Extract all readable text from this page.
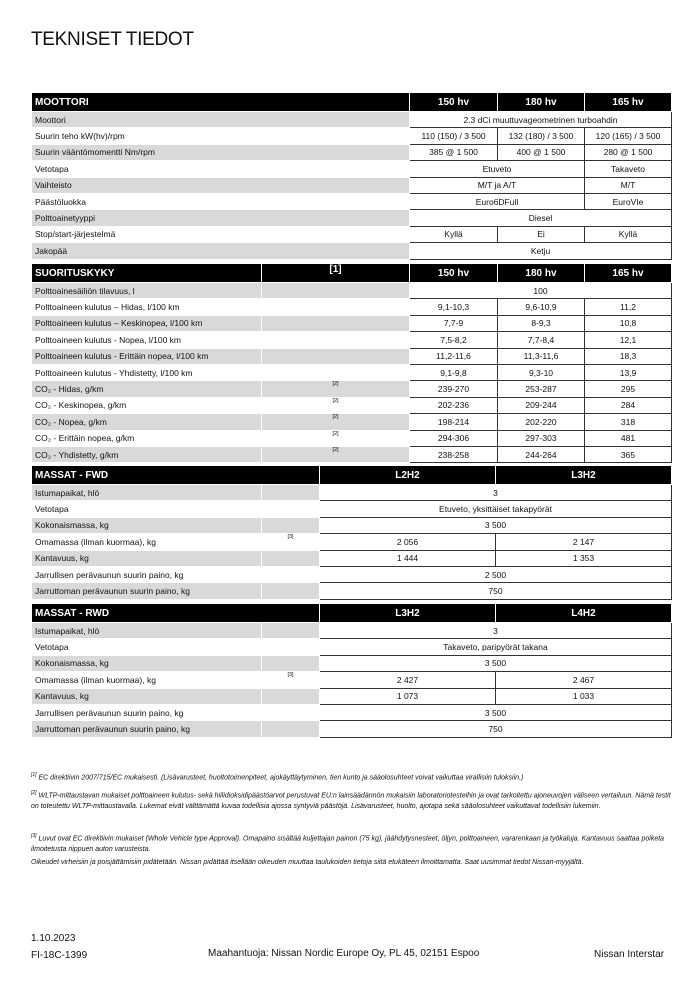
TEKNISET TIEDOT
MOOTTORI	150 hv	180 hv	165 hv
Moottori	2.3 dCi muuttuvageometrinen turboahdin		
Suurin teho kW(hv)/rpm	110 (150) / 3 500	132 (180) / 3 500	120 (165) / 3 500
Suurin vääntömomentti Nm/rpm	385 @ 1 500	400 @ 1 500	280 @ 1 500
Vetotapa	Etuveto		Takaveto
Vaihteisto	M/T ja A/T		M/T
Päästöluokka	Euro6DFull		EuroVIe
Polttoainetyyppi	Diesel		
Stop/start-järjestelmä	Kyllä	Ei	Kyllä
Jakopää	Ketju		
SUORITUSKYKY	[1]	150 hv	180 hv	165 hv
Polttoainesäiliön tilavuus, l		100		
Polttoaineen kulutus – Hidas, l/100 km		9,1-10,3	9,6-10,9	11,2
Polttoaineen kulutus – Keskinopea, l/100 km		7,7-9	8-9,3	10,8
Polttoaineen kulutus - Nopea, l/100 km		7,5-8,2	7,7-8,4	12,1
Polttoaineen kulutus - Erittäin nopea, l/100 km		11,2-11,6	11,3-11,6	18,3
Polttoaineen kulutus - Yhdistetty, l/100 km		9,1-9,8	9,3-10	13,9
CO₂ - Hidas, g/km	[2]	239-270	253-287	295
CO₂ - Keskinopea, g/km	[2]	202-236	209-244	284
CO₂ - Nopea, g/km	[2]	198-214	202-220	318
CO₂ - Erittäin nopea, g/km	[2]	294-306	297-303	481
CO₂ - Yhdistetty, g/km	[2]	238-258	244-264	365
MASSAT - FWD		L2H2	L3H2
Istumapaikat, hlö		3	
Vetotapa		Etuveto, yksittäiset takapyörät	
Kokonaismassa, kg		3 500	
Omamassa (ilman kuormaa), kg	[3]	2 056	2 147
Kantavuus, kg		1 444	1 353
Jarrullisen perävaunun suurin paino, kg		2 500	
Jarruttoman perävaunun suurin paino, kg		750	
MASSAT - RWD		L3H2	L4H2
Istumapaikat, hlö		3	
Vetotapa		Takaveto, paripyörät takana	
Kokonaismassa, kg		3 500	
Omamassa (ilman kuormaa), kg	[3]	2 427	2 467
Kantavuus, kg		1 073	1 033
Jarrullisen perävaunun suurin paino, kg		3 500	
Jarruttoman perävaunun suurin paino, kg		750	
[1] EC direktiivin 2007/715/EC mukaisesti. (Lisävarusteet, huoltotoimenpiteet, ajokäyttäytyminen, tien kunto ja sääolosuhteet voivat vaikuttaa virallisiin tuloksiin.)
[2] WLTP-mittaustavan mukaiset polttoaineen kulutus- sekä hiilidioksidipäästöarvot perustuvat EU:n lainsäädännön mukaisiin laboratoriotesteihin ja ovat tarkoitettu ajoneuvojen väliseen vertailuun. Nämä testit on toteutettu WLTP-mittaustavalla. Lukemat eivät välttämättä kuvaa todellisia ajossa syntyviä päästöjä. Lisävarusteet, huolto, ajotapa sekä sääolosuhteet vaikuttavat todellisiin lukemiin.
[3] Luvut ovat EC direktiivin mukaiset (Whole Vehicle type Approval). Omapaino sisältää kuljettajan painon (75 kg), jäähdytysnesteet, öljyn, polttoaineen, vararenkaan ja työkaluja. Kantavuus saattaa poiketa ilmoitetusta riippuen auton varusteista.
Oikeudet virheisiin ja poisjättämisiin pidätetään. Nissan pidättää itsellään oikeuden muuttaa taulukoiden tietoja siitä etukäteen ilmoittamatta. Saat uusimmat tiedot Nissan-myyjältä.
1.10.2023
FI-18C-1399	Maahantuoja: Nissan Nordic Europe Oy, PL 45, 02151 Espoo	Nissan Interstar
